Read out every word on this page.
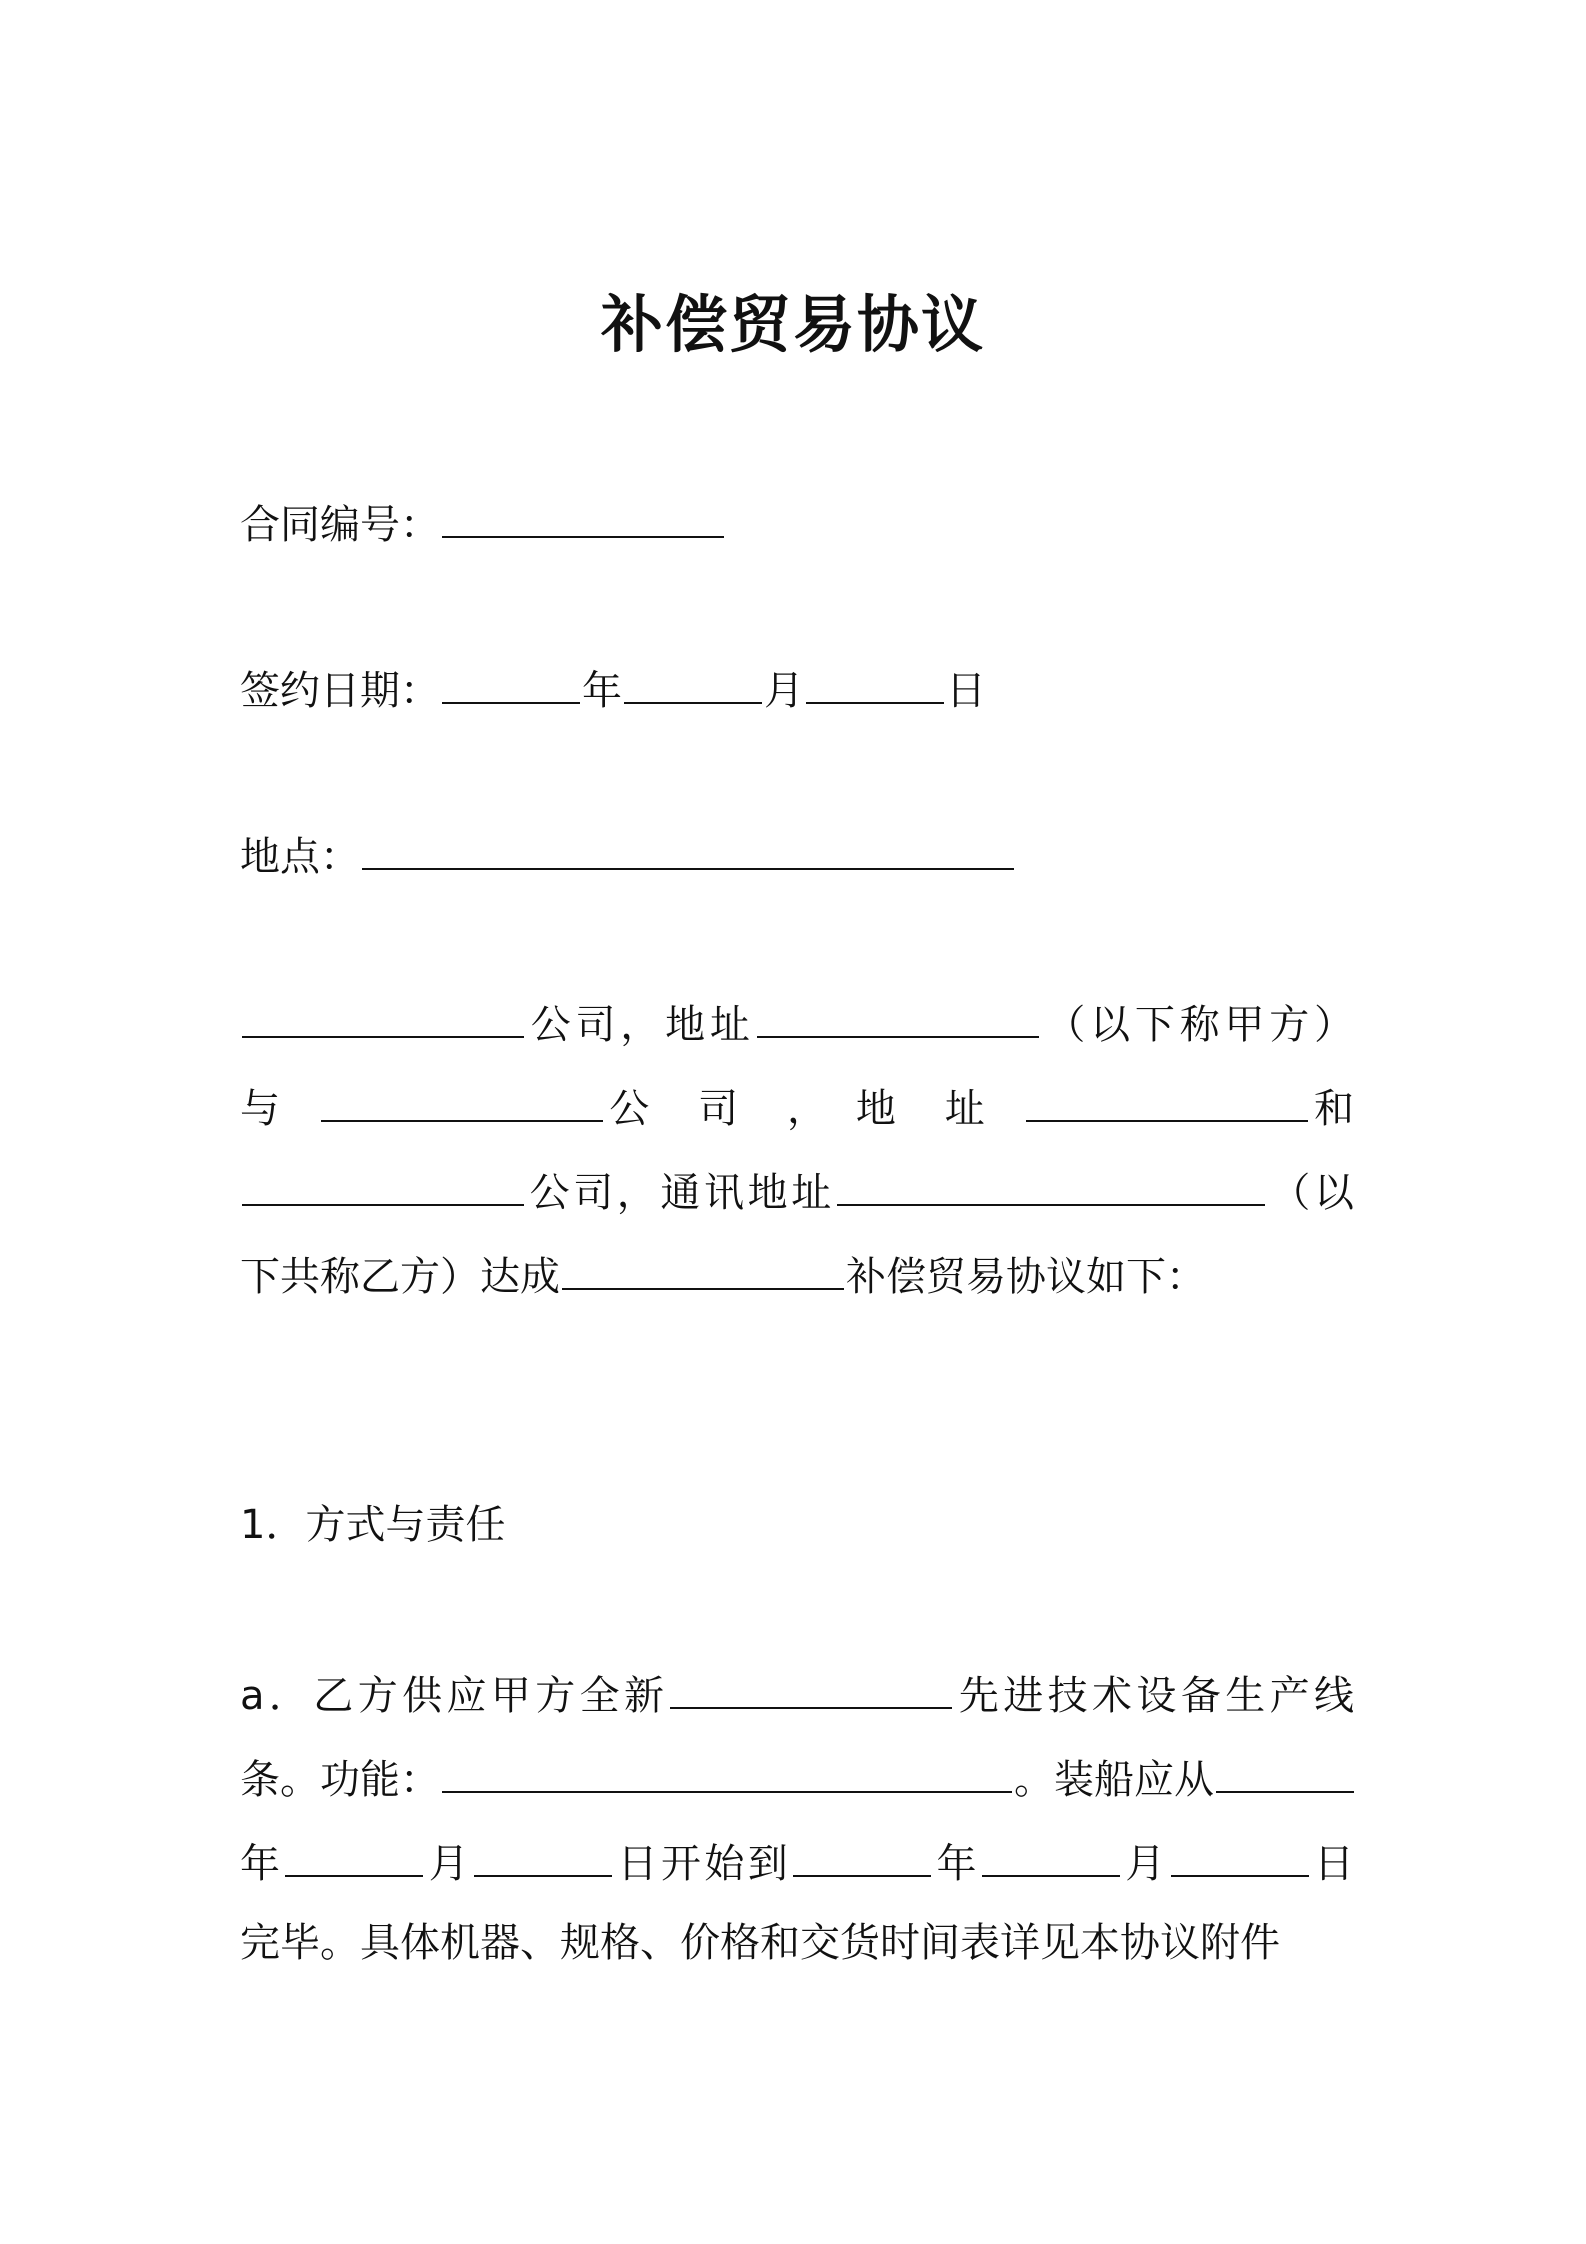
补偿贸易协议
合同编号：
签约日期：	年	月	日
地点：
公司，地址	（以下称甲方）
与	公　司　，　地　址	和
公司，通讯地址	（以
下共称乙方）达成	补偿贸易协议如下：
1．方式与责任
a．乙方供应甲方全新	先进技术设备生产线
条。功能：	。装船应从
年	月	日开始到	年	月	日
完毕。具体机器、规格、价格和交货时间表详见本协议附件
